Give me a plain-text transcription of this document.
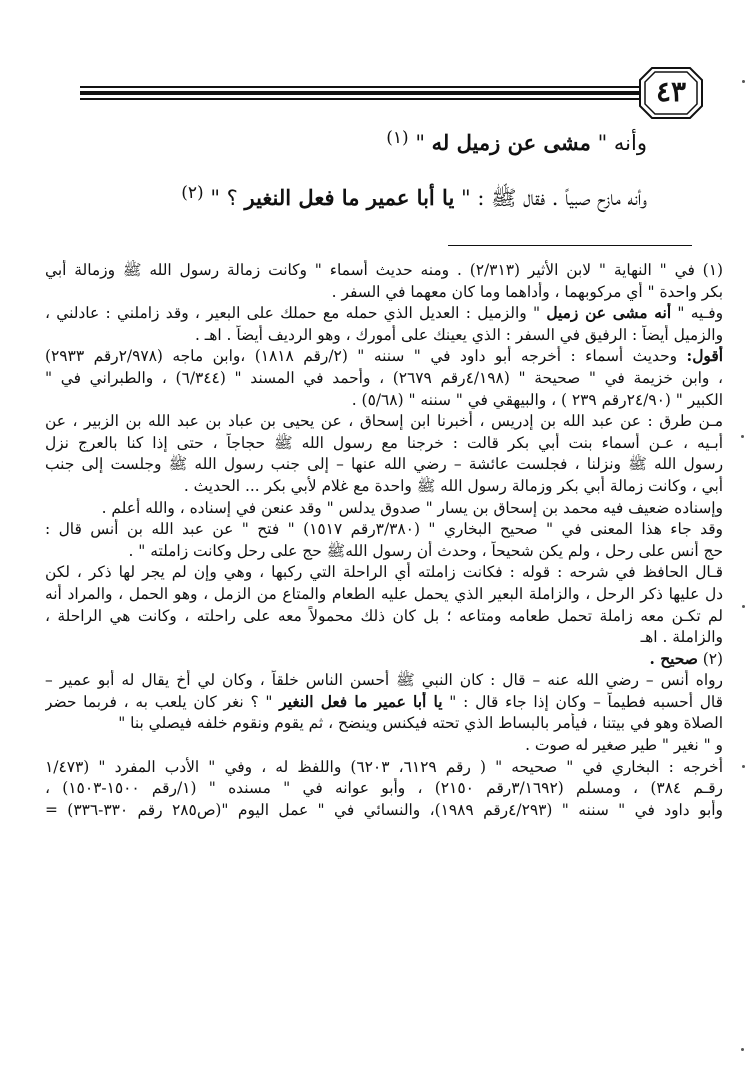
٤٣
وأنه " مشى عن زميل له " $^{(١)}$
وأنه مازح صبياً . فقال ﷺ : " يا أبا عمير ما فعل النغير ؟ " $^{(٢)}$
(١) في " النهاية " لابن الأثير (٢/٣١٣) . ومنه حديث أسماء " وكانت زمالة رسول الله ﷺ وزمالة أبي
بكر واحدة " أي مركوبهما ، وأداهما وما كان معهما في السفر .
وفـيه " أنه مشى عن زميل " والزميل : العديل الذي حمله مع حملك على البعير ، وقد زاملني : عادلني ،
والزميل أيضاً : الرفيق في السفر : الذي يعينك على أمورك ، وهو الرديف أيضاً . اهـ .
أقول: وحديث أسماء : أخرجه أبو داود في " سننه " (٢/رقم ١٨١٨) ،وابن ماجه (٢/٩٧٨رقم ٢٩٣٣)
، وابن خزيمة في " صحيحة " (٤/١٩٨رقم ٢٦٧٩) ، وأحمد في المسند " (٦/٣٤٤) ، والطبراني في "
الكبير " (٢٤/٩٠رقم ٢٣٩ ) ، والبيهقي في " سننه " (٥/٦٨) .
مـن طرق : عن عبد الله بن إدريس ، أخبرنا ابن إسحاق ، عن يحيى بن عباد بن عبد الله بن الزبير ، عن
أبـيه ، عـن أسماء بنت أبي بكر قالت : خرجنا مع رسول الله ﷺ حجاجاً ، حتى إذا كنا بالعرج نزل
رسول الله ﷺ ونزلنا ، فجلست عائشة – رضي الله عنها – إلى جنب رسول الله ﷺ وجلست إلى جنب
أبي ، وكانت زمالة أبي بكر وزمالة رسول الله ﷺ واحدة مع غلام لأبي بكر ... الحديث .
وإسناده ضعيف فيه محمد بن إسحاق بن يسار " صدوق يدلس " وقد عنعن في إسناده ، والله أعلم .
وقد جاء هذا المعنى في " صحيح البخاري " (٣/٣٨٠رقم ١٥١٧) " فتح " عن عبد الله بن أنس قال :
حج أنس على رحل ، ولم يكن شحيحاً ، وحدث أن رسول اللهﷺ حج على رحل وكانت زاملته " .
قـال الحافظ في شرحه : قوله : فكانت زاملته أي الراحلة التي ركبها ، وهي وإن لم يجر لها ذكر ، لكن
دل عليها ذكر الرحل ، والزاملة البعير الذي يحمل عليه الطعام والمتاع من الزمل ، وهو الحمل ، والمراد أنه
لم تكـن معه زاملة تحمل طعامه ومتاعه ؛ بل كان ذلك محمولاً معه على راحلته ، وكانت هي الراحلة ،
والزاملة . اهـ
(٢) صحيح .
رواه أنس – رضي الله عنه – قال : كان النبي ﷺ أحسن الناس خلقاً ، وكان لي أخ يقال له أبو عمير –
قال أحسبه فطيماً – وكان إذا جاء قال : " يا أبا عمير ما فعل النغير " ؟ نغر كان يلعب به ، فربما حضر
الصلاة وهو في بيتنا ، فيأمر بالبساط الذي تحته فيكنس وينضح ، ثم يقوم ونقوم خلفه فيصلي بنا "
و " نغير " طير صغير له صوت .
أخرجه : البخاري في " صحيحه " ( رقم ٦١٢٩، ٦٢٠٣) واللفظ له ، وفي " الأدب المفرد " (١/٤٧٣
رقـم ٣٨٤) ، ومسلم (٣/١٦٩٢رقم ٢١٥٠) ، وأبو عوانه في " مسنده " (١/رقم ١٥٠٠-١٥٠٣) ،
وأبو داود في " سننه " (٤/٢٩٣رقم ١٩٨٩)، والنسائي في " عمل اليوم "(ص٢٨٥ رقم ٣٣٠-٣٣٦) =
